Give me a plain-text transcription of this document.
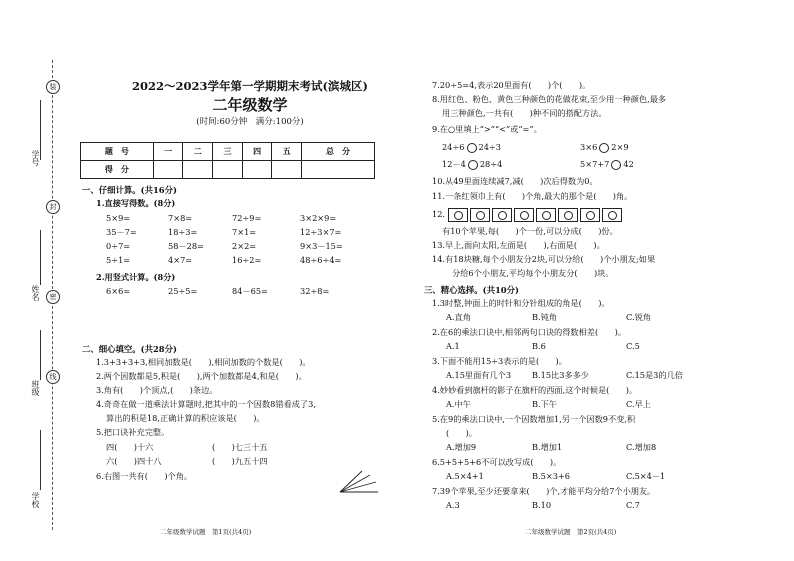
学号
姓名
班级
学校
装
封
密
线
2022～2023学年第一学期期末考试(滨城区)
二年级数学
(时间:60分钟　满分:100分)
题　号	一	二	三	四	五	总　分
得　分						
一、仔细计算。(共16分)
1.直接写得数。(8分)
5×9=	7×8=	72÷9=	3×2×9=
35－7=	18÷3=	7×1=	12÷3×7=
0÷7=	58－28=	2×2=	9×3－15=
5÷1=	4×7=	16÷2=	48÷6÷4=
2.用竖式计算。(8分)
6×6=	25÷5=	84－65=	32÷8=
二、细心填空。(共28分)
1.3+3+3+3,相同加数是(　　),相同加数的个数是(　　)。
2.两个因数都是5,积是(　　),两个加数都是4,和是(　　)。
3.角有(　　)个顶点,(　　)条边。
4.奇奇在做一道乘法计算题时,把其中的一个因数8错看成了3,
算出的积是18,正确计算的积应该是(　　)。
5.把口诀补充完整。
四(　　)十六	(　　)七三十五
六(　　)四十八	(　　)九五十四
6.右图一共有(　　)个角。
二年级数学试题　第1页(共4页)
7.20÷5=4,表示20里面有(　　)个(　　)。
8.用红色、粉色、黄色三种颜色的花做花束,至少用一种颜色,最多
用三种颜色,一共有(　　)种不同的搭配方法。
9.在○里填上“>”“<”或“=”。
24÷6 24÷3	3×6 2×9
12－4 28÷4	5×7+7 42
10.从49里面连续减7,减(　　)次后得数为0。
11.一条红领巾上有(　　)个角,最大的那个是(　　)角。
12.
有10个苹果,每(　　)个一份,可以分成(　　)份。
13.早上,面向太阳,左面是(　　),右面是(　　)。
14.有18块糖,每个小朋友分2块,可以分给(　　)个小朋友;如果
分给6个小朋友,平均每个小朋友分(　　)块。
三、精心选择。(共10分)
1.3时整,钟面上的时针和分针组成的角是(　　)。
A.直角	B.钝角	C.锐角
2.在6的乘法口诀中,相邻两句口诀的得数相差(　　)。
A.1	B.6	C.5
3.下面不能用15÷3表示的是(　　)。
A.15里面有几个3	B.15比3多多少	C.15是3的几倍
4.妙妙看到旗杆的影子在旗杆的西面,这个时候是(　　)。
A.中午	B.下午	C.早上
5.在9的乘法口诀中,一个因数增加1,另一个因数9不变,积
(　　)。
A.增加9	B.增加1	C.增加8
6.5+5+5+6不可以改写成(　　)。
A.5×4+1	B.5×3+6	C.5×4－1
7.39个苹果,至少还要拿来(　　)个,才能平均分给7个小朋友。
A.3	B.10	C.7
二年级数学试题　第2页(共4页)
